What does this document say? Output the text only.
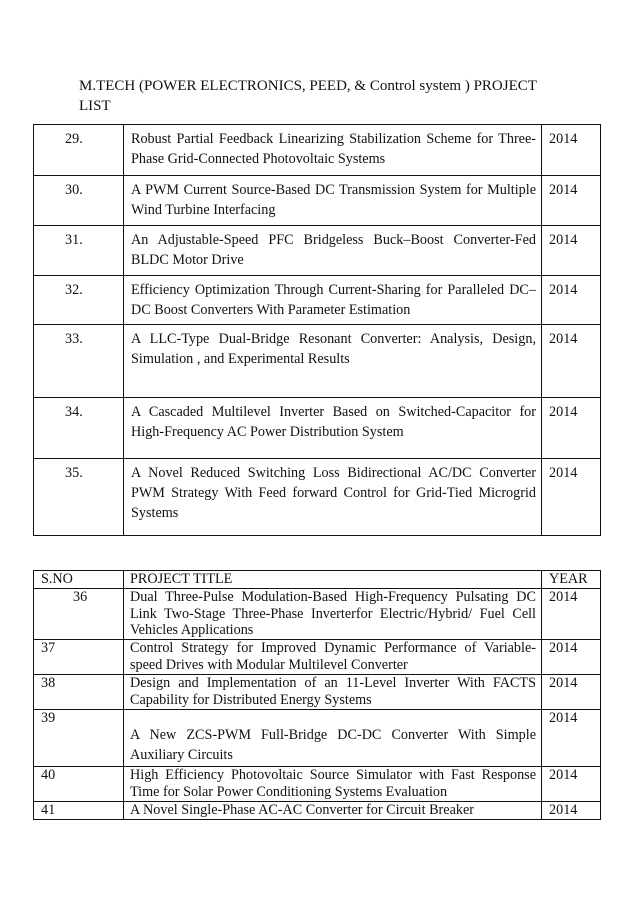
M.TECH (POWER ELECTRONICS, PEED, & Control system ) PROJECT
LIST
29.	Robust Partial Feedback Linearizing Stabilization Scheme for Three-Phase Grid-Connected Photovoltaic Systems	2014
30.	A PWM Current Source-Based DC Transmission System for Multiple Wind Turbine Interfacing	2014
31.	An Adjustable-Speed PFC Bridgeless Buck–Boost Converter-Fed BLDC Motor Drive	2014
32.	Efficiency Optimization Through Current-Sharing for Paralleled DC–DC Boost Converters With Parameter Estimation	2014
33.	A LLC-Type Dual-Bridge Resonant Converter: Analysis, Design, Simulation , and Experimental Results	2014
34.	A Cascaded Multilevel Inverter Based on Switched-Capacitor for High-Frequency AC Power Distribution System	2014
35.	A Novel Reduced Switching Loss Bidirectional AC/DC Converter PWM Strategy With Feed forward Control for Grid-Tied Microgrid Systems	2014
S.NO	PROJECT TITLE	YEAR
36	Dual Three-Pulse Modulation-Based High-Frequency Pulsating DC Link Two-Stage Three-Phase Inverterfor Electric/Hybrid/ Fuel Cell Vehicles Applications	2014
37	Control Strategy for Improved Dynamic Performance of Variable-speed Drives with Modular Multilevel Converter	2014
38	Design and Implementation of an 11-Level Inverter With FACTS Capability for Distributed Energy Systems	2014
39	A New ZCS-PWM Full-Bridge DC-DC Converter With Simple Auxiliary Circuits	2014
40	High Efficiency Photovoltaic Source Simulator with Fast Response Time for Solar Power Conditioning Systems Evaluation	2014
41	A Novel Single-Phase AC-AC Converter for Circuit Breaker	2014
